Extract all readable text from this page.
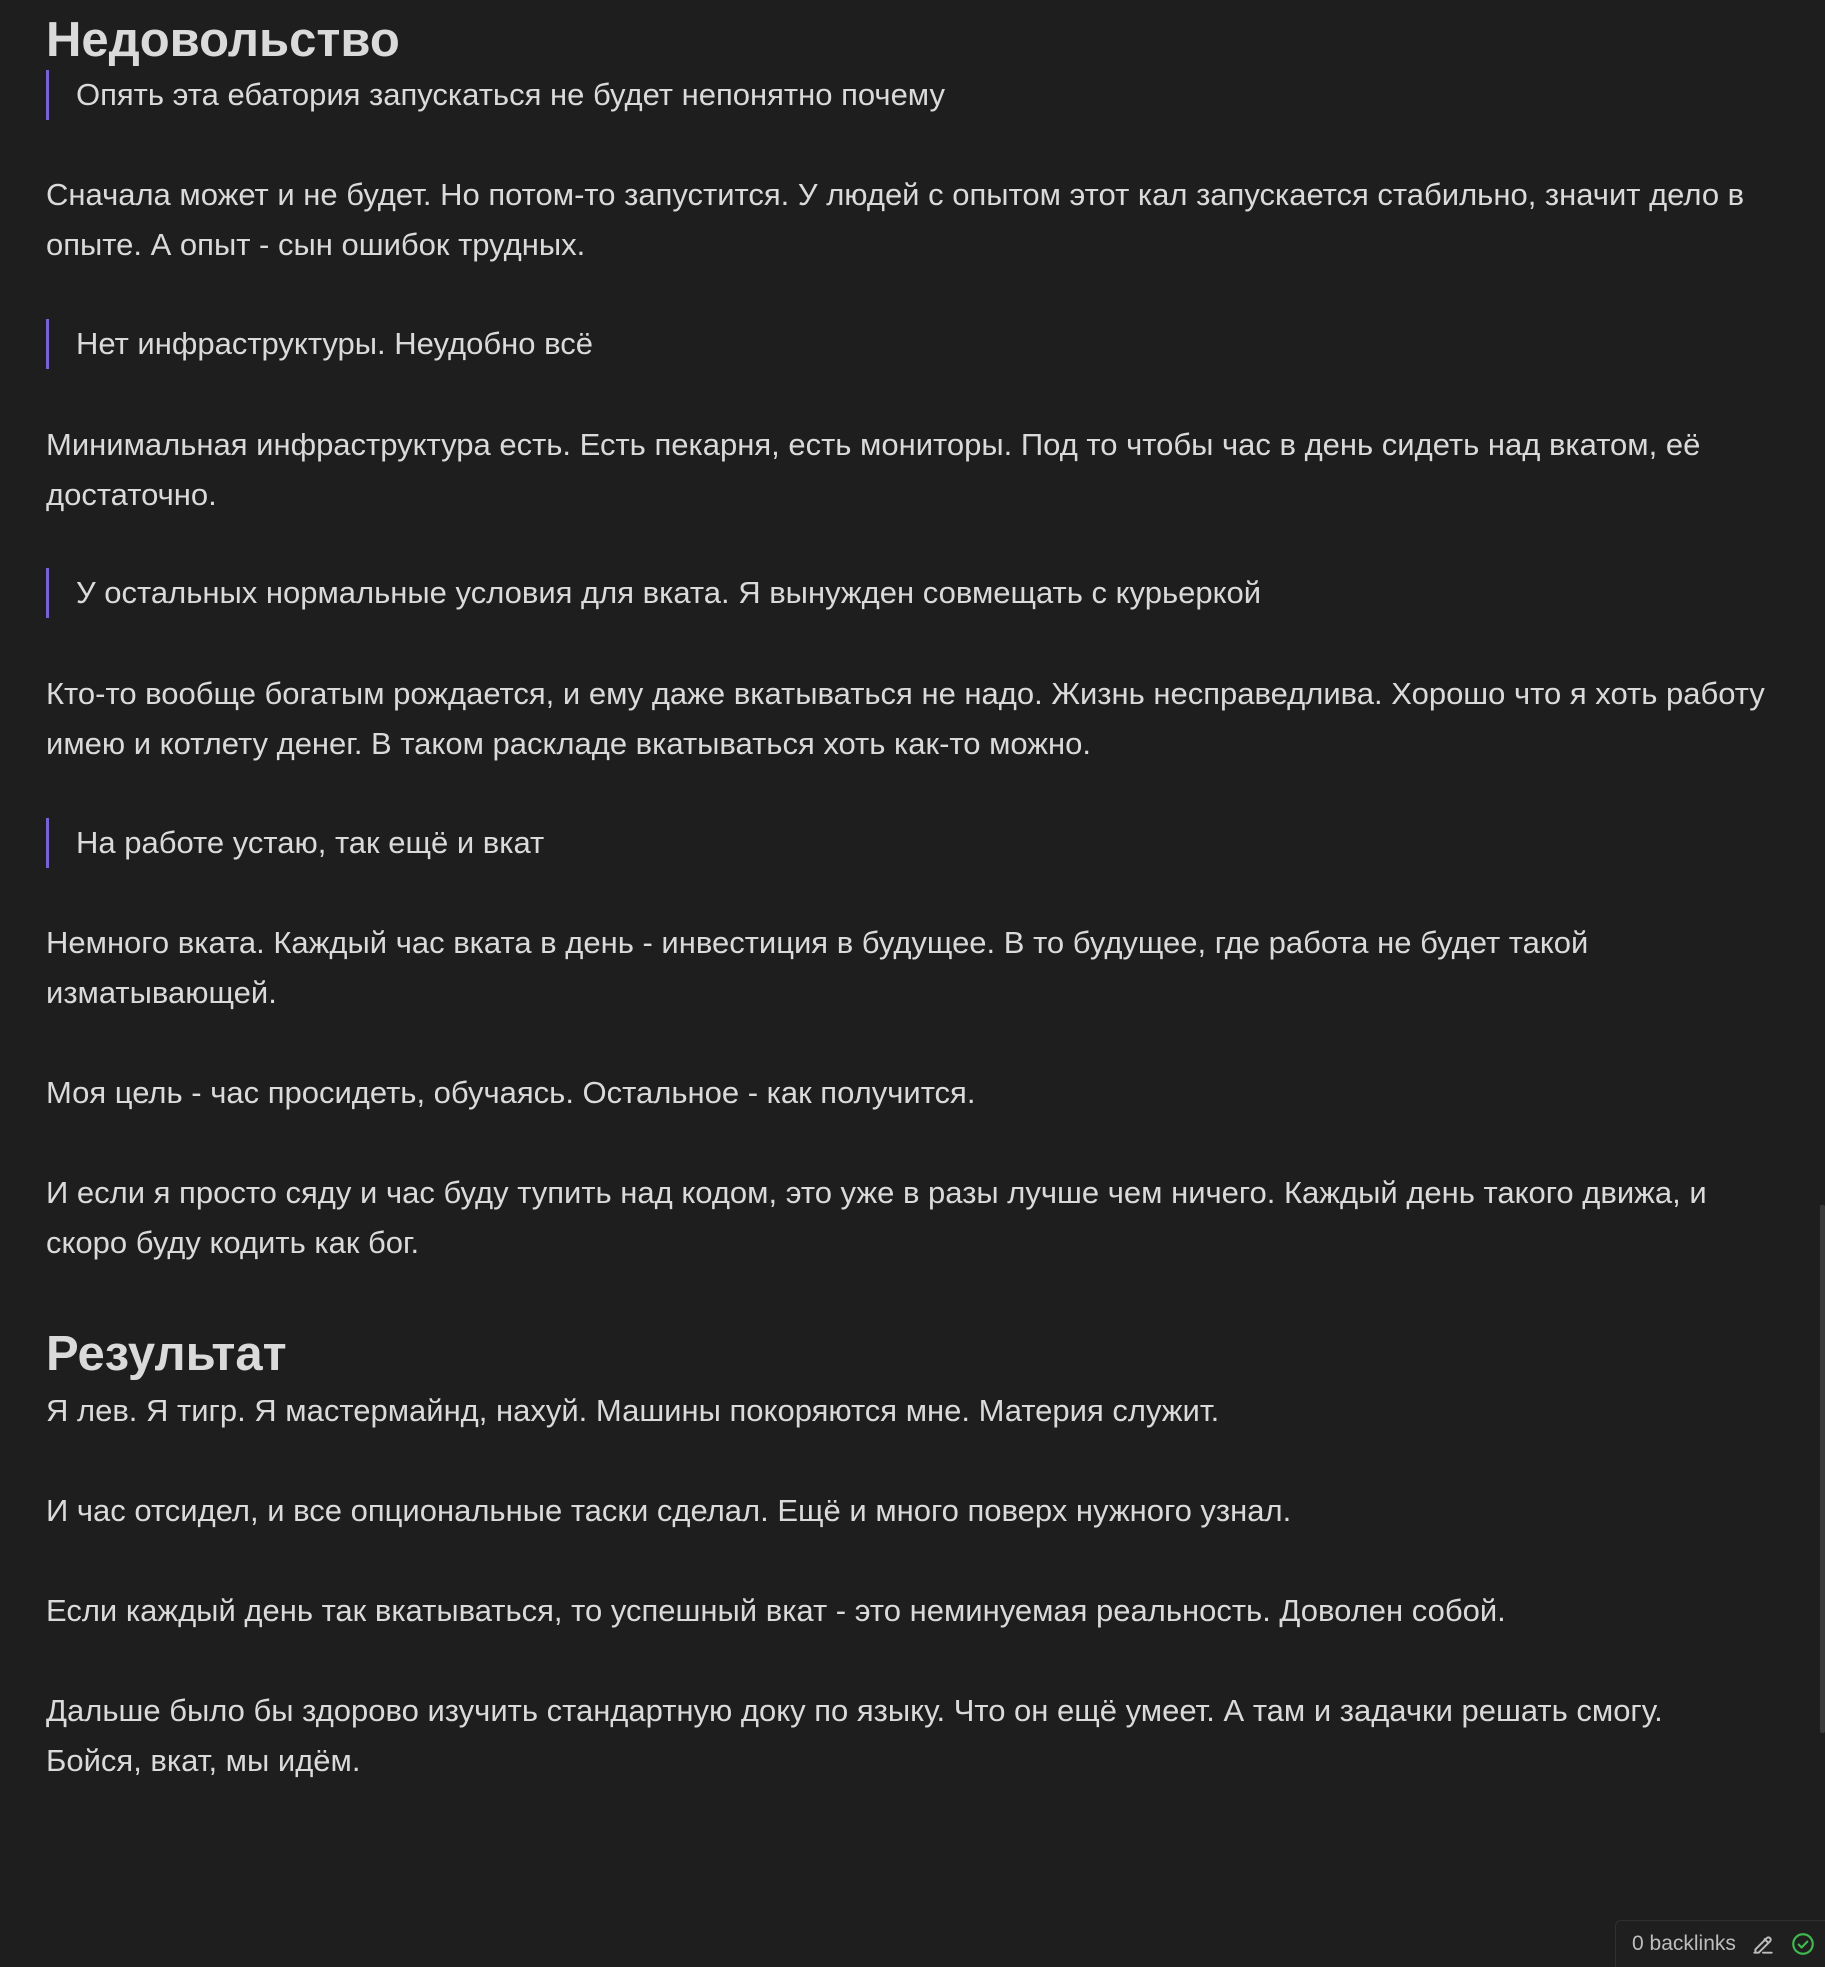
Недовольство
Опять эта ебатория запускаться не будет непонятно почему

Сначала может и не будет. Но потом-то запустится. У людей с опытом этот кал запускается стабильно, значит дело в опыте. А опыт - сын ошибок трудных.

Нет инфраструктуры. Неудобно всё

Минимальная инфраструктура есть. Есть пекарня, есть мониторы. Под то чтобы час в день сидеть над вкатом, её достаточно.

У остальных нормальные условия для вката. Я вынужден совмещать с курьеркой

Кто-то вообще богатым рождается, и ему даже вкатываться не надо. Жизнь несправедлива. Хорошо что я хоть работу имею и котлету денег. В таком раскладе вкатываться хоть как-то можно.

На работе устаю, так ещё и вкат

Немного вката. Каждый час вката в день - инвестиция в будущее. В то будущее, где работа не будет такой изматывающей.

Моя цель - час просидеть, обучаясь. Остальное - как получится.

И если я просто сяду и час буду тупить над кодом, это уже в разы лучше чем ничего. Каждый день такого движа, и скоро буду кодить как бог.

Результат

Я лев. Я тигр. Я мастермайнд, нахуй. Машины покоряются мне. Материя служит.

И час отсидел, и все опциональные таски сделал. Ещё и много поверх нужного узнал.

Если каждый день так вкатываться, то успешный вкат - это неминуемая реальность. Доволен собой.

Дальше было бы здорово изучить стандартную доку по языку. Что он ещё умеет. А там и задачки решать смогу. Бойся, вкат, мы идём.

0 backlinks
